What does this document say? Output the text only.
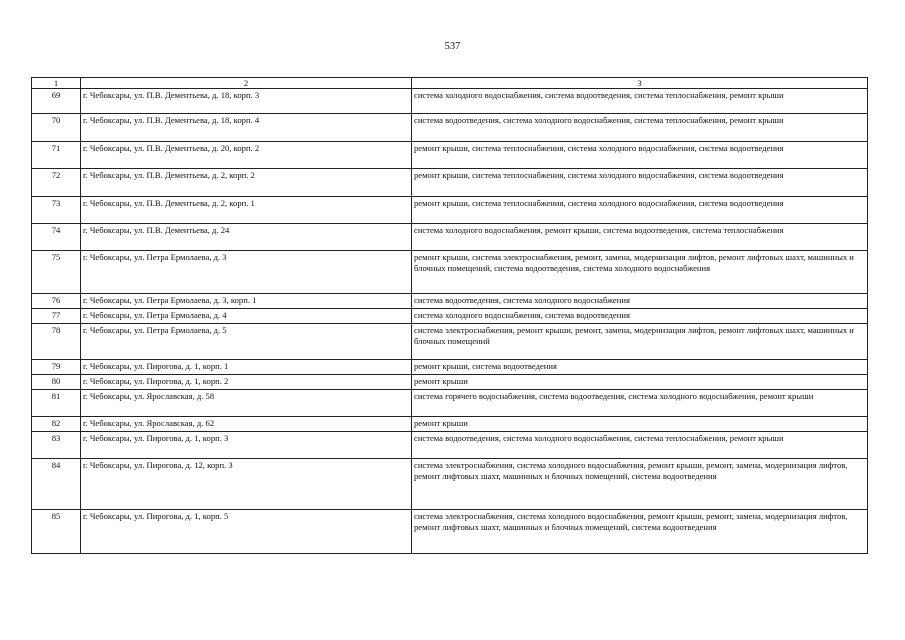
537
1	2	3
69	г. Чебоксары, ул. П.В. Дементьева, д. 18, корп. 3	система холодного водоснабжения, система водоотведения, система теплоснабжения, ремонт крыши
70	г. Чебоксары, ул. П.В. Дементьева, д. 18, корп. 4	система водоотведения, система холодного водоснабжения, система теплоснабжения, ремонт крыши
71	г. Чебоксары, ул. П.В. Дементьева, д. 20, корп. 2	ремонт крыши, система теплоснабжения, система холодного водоснабжения, система водоотведения
72	г. Чебоксары, ул. П.В. Дементьева, д. 2, корп. 2	ремонт крыши, система теплоснабжения, система холодного водоснабжения, система водоотведения
73	г. Чебоксары, ул. П.В. Дементьева, д. 2, корп. 1	ремонт крыши, система теплоснабжения, система холодного водоснабжения, система водоотведения
74	г. Чебоксары, ул. П.В. Дементьева, д. 24	система холодного водоснабжения, ремонт крыши, система водоотведения, система теплоснабжения
75	г. Чебоксары, ул. Петра Ермолаева, д. 3	ремонт крыши, система электроснабжения, ремонт, замена, модернизация лифтов, ремонт лифтовых шахт, машинных и блочных помещений, система водоотведения, система холодного водоснабжения
76	г. Чебоксары, ул. Петра Ермолаева, д. 3, корп. 1	система водоотведения, система холодного водоснабжения
77	г. Чебоксары, ул. Петра Ермолаева, д. 4	система холодного водоснабжения, система водоотведения
78	г. Чебоксары, ул. Петра Ермолаева, д. 5	система электроснабжения, ремонт крыши, ремонт, замена, модернизация лифтов, ремонт лифтовых шахт, машинных и блочных помещений
79	г. Чебоксары, ул. Пирогова, д. 1, корп. 1	ремонт крыши, система водоотведения
80	г. Чебоксары, ул. Пирогова, д. 1, корп. 2	ремонт крыши
81	г. Чебоксары, ул. Ярославская, д. 58	система горячего водоснабжения, система водоотведения, система холодного водоснабжения, ремонт крыши
82	г. Чебоксары, ул. Ярославская, д. 62	ремонт крыши
83	г. Чебоксары, ул. Пирогова, д. 1, корп. 3	система водоотведения, система холодного водоснабжения, система теплоснабжения, ремонт крыши
84	г. Чебоксары, ул. Пирогова, д. 12, корп. 3	система электроснабжения, система холодного водоснабжения, ремонт крыши, ремонт, замена, модернизация лифтов, ремонт лифтовых шахт, машинных и блочных помещений, система водоотведения
85	г. Чебоксары, ул. Пирогова, д. 1, корп. 5	система электроснабжения, система холодного водоснабжения, ремонт крыши, ремонт, замена, модернизация лифтов, ремонт лифтовых шахт, машинных и блочных помещений, система водоотведения
